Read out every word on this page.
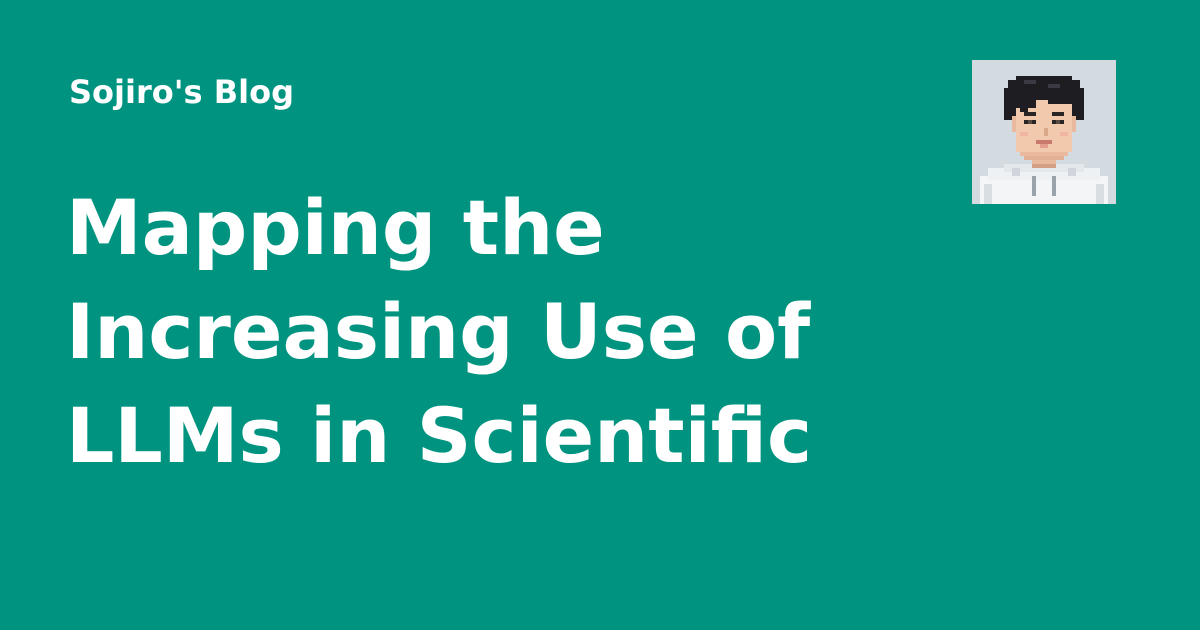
Sojiro's Blog
Mapping the
Increasing Use of
LLMs in Scientific
